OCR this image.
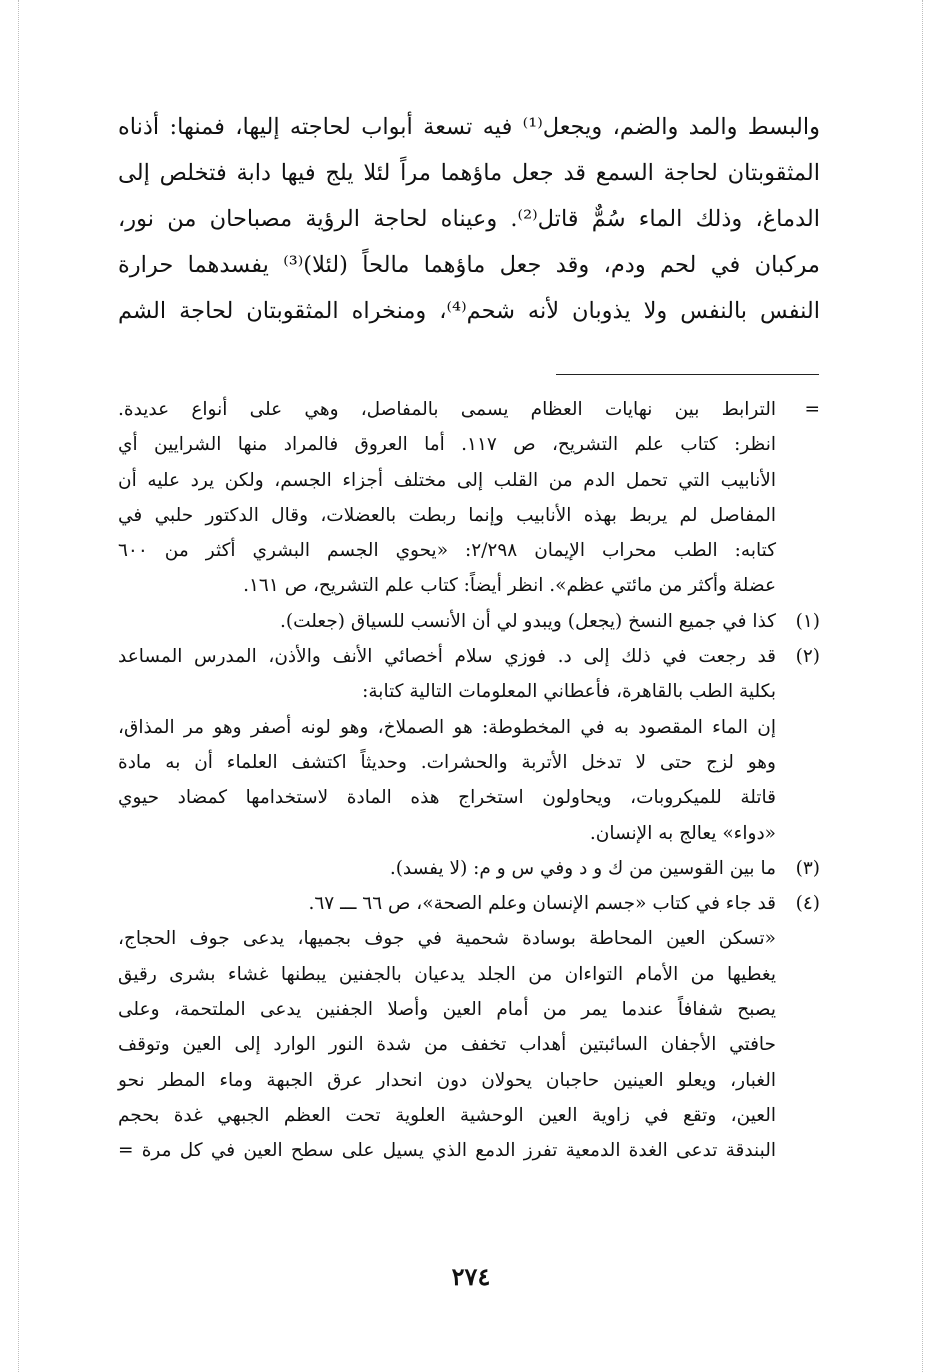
والبسط والمد والضم، ويجعل⁽¹⁾ فيه تسعة أبواب لحاجته إليها، فمنها: أذناه

المثقوبتان لحاجة السمع قد جعل ماؤهما مراً لئلا يلج فيها دابة فتخلص إلى

الدماغ، وذلك الماء سُمٌّ قاتل⁽²⁾. وعيناه لحاجة الرؤية مصباحان من نور،

مركبان في لحم ودم، وقد جعل ماؤهما مالحاً (لئلا)⁽³⁾ يفسدهما حرارة

النفس بالنفس ولا يذوبان لأنه شحم⁽⁴⁾، ومنخراه المثقوبتان لحاجة الشم

=
الترابط بين نهايات العظام يسمى بالمفاصل، وهي على أنواع عديدة.
انظر: كتاب علم التشريح، ص ١١٧. أما العروق فالمراد منها الشرايين أي
الأنابيب التي تحمل الدم من القلب إلى مختلف أجزاء الجسم، ولكن يرد عليه أن
المفاصل لم يربط بهذه الأنابيب وإنما ربطت بالعضلات، وقال الدكتور حلبي في
كتابه: الطب محراب الإيمان ٢/٢٩٨: «يحوي الجسم البشري أكثر من ٦٠٠
عضلة وأكثر من مائتي عظم». انظر أيضاً: كتاب علم التشريح، ص ١٦١.
(١)
كذا في جميع النسخ (يجعل) ويبدو لي أن الأنسب للسياق (جعلت).
(٢)
قد رجعت في ذلك إلى د. فوزي سلام أخصائي الأنف والأذن، المدرس المساعد
بكلية الطب بالقاهرة، فأعطاني المعلومات التالية كتابة:
إن الماء المقصود به في المخطوطة: هو الصملاخ، وهو لونه أصفر وهو مر المذاق،
وهو لزج حتى لا تدخل الأتربة والحشرات. وحديثاً اكتشف العلماء أن به مادة
قاتلة للميكروبات، ويحاولون استخراج هذه المادة لاستخدامها كمضاد حيوي
«دواء» يعالج به الإنسان.
(٣)
ما بين القوسين من ك و د وفي س و م: (لا يفسد).
(٤)
قد جاء في كتاب «جسم الإنسان وعلم الصحة»، ص ٦٦ ـــ ٦٧.
«تسكن العين المحاطة بوسادة شحمية في جوف بجميها، يدعى جوف الحجاج،
يغطيها من الأمام التواءان من الجلد يدعيان بالجفنين يبطنها غشاء بشرى رقيق
يصبح شفافاً عندما يمر من أمام العين وأصلا الجفنين يدعى الملتحمة، وعلى
حافتي الأجفان السائبتين أهداب تخفف من شدة النور الوارد إلى العين وتوقف
الغبار، ويعلو العينين حاجبان يحولان دون انحدار عرق الجبهة وماء المطر نحو
العين، وتقع في زاوية العين الوحشية العلوية تحت العظم الجبهي غدة بحجم
البندقة تدعى الغدة الدمعية تفرز الدمع الذي يسيل على سطح العين في كل مرة =
٢٧٤
